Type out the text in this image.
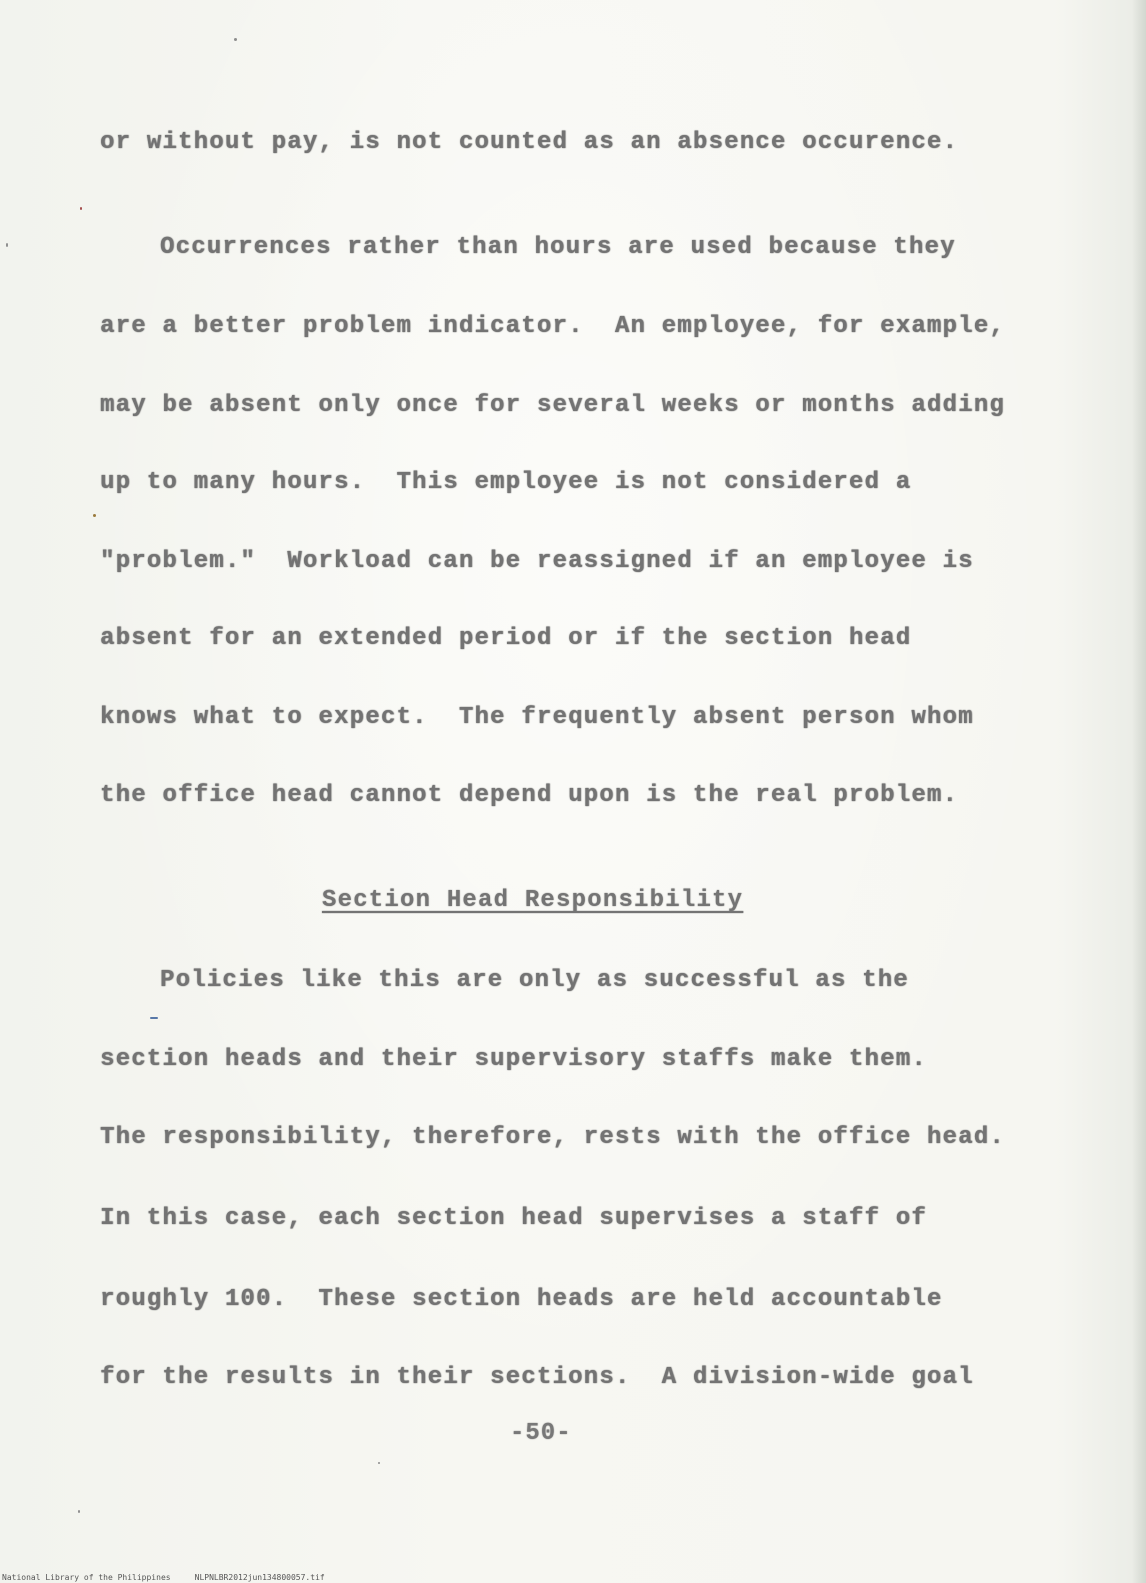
or without pay, is not counted as an absence occurence.
Occurrences rather than hours are used because they
are a better problem indicator.  An employee, for example,
may be absent only once for several weeks or months adding
up to many hours.  This employee is not considered a
"problem."  Workload can be reassigned if an employee is
absent for an extended period or if the section head
knows what to expect.  The frequently absent person whom
the office head cannot depend upon is the real problem.
Section Head Responsibility
Policies like this are only as successful as the
section heads and their supervisory staffs make them.
The responsibility, therefore, rests with the office head.
In this case, each section head supervises a staff of
roughly 100.  These section heads are held accountable
for the results in their sections.  A division-wide goal
-50-
National Library of the Philippines     NLPNLBR2012jun134800057.tif
